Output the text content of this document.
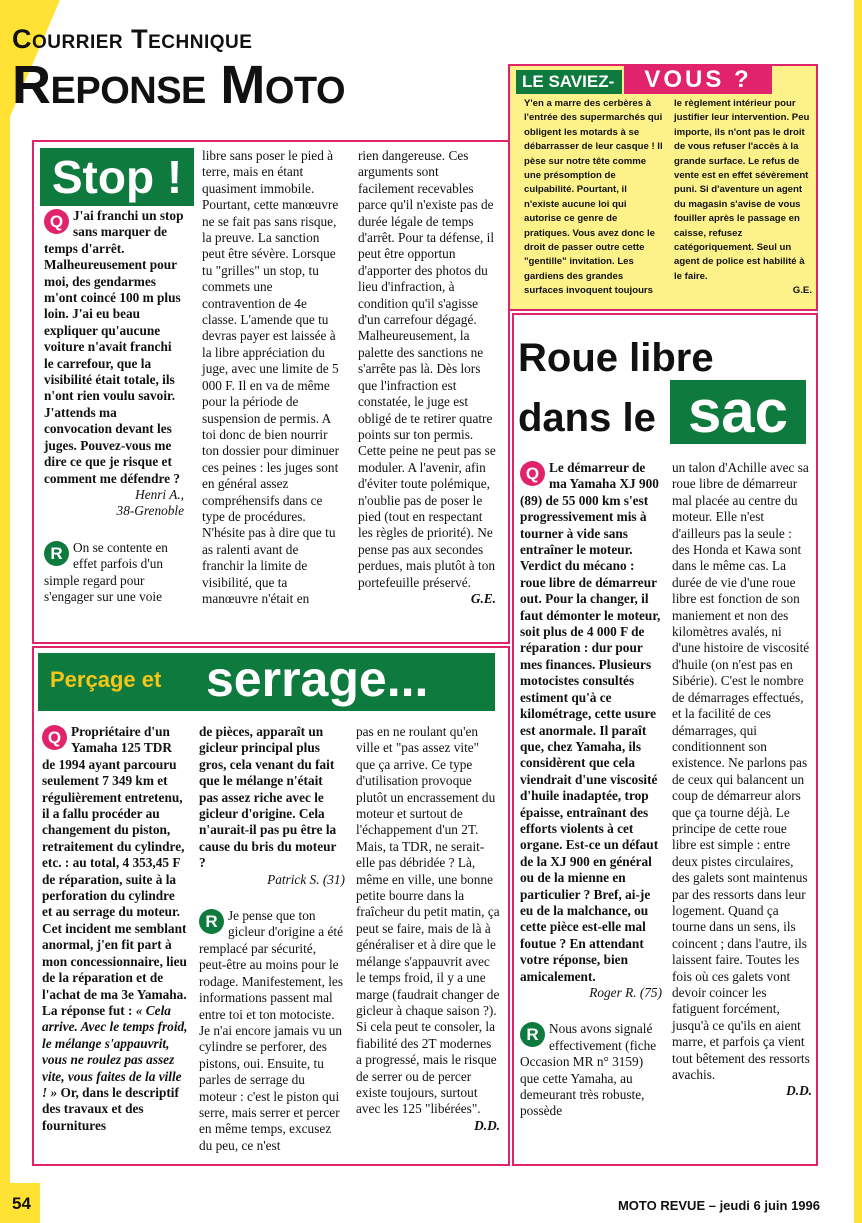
Courrier Technique
Reponse Moto	LE SAVIEZ-	VOUS ?

Y'en a marre des cerbères à l'entrée des supermarchés qui obligent les motards à se débarrasser de leur casque ! Il pèse sur notre tête comme une présomption de culpabilité. Pourtant, il n'existe aucune loi qui autorise ce genre de pratiques. Vous avez donc le droit de passer outre cette "gentille" invitation. Les gardiens des grandes surfaces invoquent toujours

le règlement intérieur pour justifier leur intervention. Peu importe, ils n'ont pas le droit de vous refuser l'accès à la grande surface. Le refus de vente est en effet sévèrement puni. Si d'aventure un agent du magasin s'avise de vous fouiller après le passage en caisse, refusez catégoriquement. Seul un agent de police est habilité à le faire.

G.E.

Stop !

Q J'ai franchi un stop sans marquer de temps d'arrêt. Malheureusement pour moi, des gendarmes m'ont coincé 100 m plus loin. J'ai eu beau expliquer qu'aucune voiture n'avait franchi le carrefour, que la visibilité était totale, ils n'ont rien voulu savoir. J'attends ma convocation devant les juges. Pouvez-vous me dire ce que je risque et comment me défendre ?

Henri A.,

38-Grenoble

R On se contente en effet parfois d'un simple regard pour s'engager sur une voie

libre sans poser le pied à terre, mais en étant quasiment immobile. Pourtant, cette manœuvre ne se fait pas sans risque, la preuve. La sanction peut être sévère. Lorsque tu "grilles" un stop, tu commets une contravention de 4e classe. L'amende que tu devras payer est laissée à la libre appréciation du juge, avec une limite de 5 000 F. Il en va de même pour la période de suspension de permis. A toi donc de bien nourrir ton dossier pour diminuer ces peines : les juges sont en général assez compréhensifs dans ce type de procédures. N'hésite pas à dire que tu as ralenti avant de franchir la limite de visibilité, que ta manœuvre n'était en

rien dangereuse. Ces arguments sont facilement recevables parce qu'il n'existe pas de durée légale de temps d'arrêt. Pour ta défense, il peut être opportun d'apporter des photos du lieu d'infraction, à condition qu'il s'agisse d'un carrefour dégagé. Malheureusement, la palette des sanctions ne s'arrête pas là. Dès lors que l'infraction est constatée, le juge est obligé de te retirer quatre points sur ton permis. Cette peine ne peut pas se moduler. A l'avenir, afin d'éviter toute polémique, n'oublie pas de poser le pied (tout en respectant les règles de priorité). Ne pense pas aux secondes perdues, mais plutôt à ton portefeuille préservé.

G.E.

Perçage et serrage...

Q Propriétaire d'un Yamaha 125 TDR de 1994 ayant parcouru seulement 7 349 km et régulièrement entretenu, il a fallu procéder au changement du piston, retraitement du cylindre, etc. : au total, 4 353,45 F de réparation, suite à la perforation du cylindre et au serrage du moteur. Cet incident me semblant anormal, j'en fit part à mon concessionnaire, lieu de la réparation et de l'achat de ma 3e Yamaha. La réponse fut : « Cela arrive. Avec le temps froid, le mélange s'appauvrit, vous ne roulez pas assez vite, vous faites de la ville ! » Or, dans le descriptif des travaux et des fournitures

de pièces, apparaît un gicleur principal plus gros, cela venant du fait que le mélange n'était pas assez riche avec le gicleur d'origine. Cela n'aurait-il pas pu être la cause du bris du moteur ?

Patrick S. (31)

R Je pense que ton gicleur d'origine a été remplacé par sécurité, peut-être au moins pour le rodage. Manifestement, les informations passent mal entre toi et ton motociste. Je n'ai encore jamais vu un cylindre se perforer, des pistons, oui. Ensuite, tu parles de serrage du moteur : c'est le piston qui serre, mais serrer et percer en même temps, excusez du peu, ce n'est

pas en ne roulant qu'en ville et "pas assez vite" que ça arrive. Ce type d'utilisation provoque plutôt un encrassement du moteur et surtout de l'échappement d'un 2T. Mais, ta TDR, ne serait-elle pas débridée ? Là, même en ville, une bonne petite bourre dans la fraîcheur du petit matin, ça peut se faire, mais de là à généraliser et à dire que le mélange s'appauvrit avec le temps froid, il y a une marge (faudrait changer de gicleur à chaque saison ?). Si cela peut te consoler, la fiabilité des 2T modernes a progressé, mais le risque de serrer ou de percer existe toujours, surtout avec les 125 "libérées".

D.D.

Roue libre
dans le sac

Q Le démarreur de ma Yamaha XJ 900 (89) de 55 000 km s'est progressivement mis à tourner à vide sans entraîner le moteur. Verdict du mécano : roue libre de démarreur out. Pour la changer, il faut démonter le moteur, soit plus de 4 000 F de réparation : dur pour mes finances. Plusieurs motocistes consultés estiment qu'à ce kilométrage, cette usure est anormale. Il paraît que, chez Yamaha, ils considèrent que cela viendrait d'une viscosité d'huile inadaptée, trop épaisse, entraînant des efforts violents à cet organe. Est-ce un défaut de la XJ 900 en général ou de la mienne en particulier ? Bref, ai-je eu de la malchance, ou cette pièce est-elle mal foutue ? En attendant votre réponse, bien amicalement.

Roger R. (75)

R Nous avons signalé effectivement (fiche Occasion MR n° 3159) que cette Yamaha, au demeurant très robuste, possède

un talon d'Achille avec sa roue libre de démarreur mal placée au centre du moteur. Elle n'est d'ailleurs pas la seule : des Honda et Kawa sont dans le même cas. La durée de vie d'une roue libre est fonction de son maniement et non des kilomètres avalés, ni d'une histoire de viscosité d'huile (on n'est pas en Sibérie). C'est le nombre de démarrages effectués, et la facilité de ces démarrages, qui conditionnent son existence. Ne parlons pas de ceux qui balancent un coup de démarreur alors que ça tourne déjà. Le principe de cette roue libre est simple : entre deux pistes circulaires, des galets sont maintenus par des ressorts dans leur logement. Quand ça tourne dans un sens, ils coincent ; dans l'autre, ils laissent faire. Toutes les fois où ces galets vont devoir coincer les fatiguent forcément, jusqu'à ce qu'ils en aient marre, et parfois ça vient tout bêtement des ressorts avachis.

D.D.

54	MOTO REVUE – jeudi 6 juin 1996
